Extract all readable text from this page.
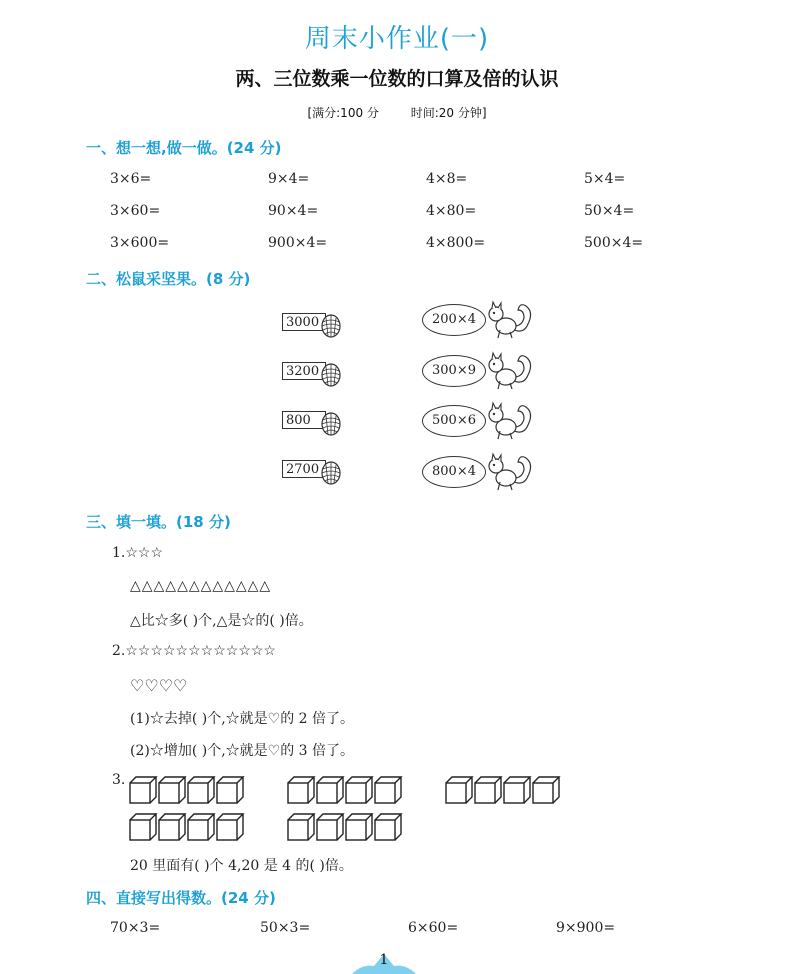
周末小作业(一)
两、三位数乘一位数的口算及倍的认识
[满分:100 分	时间:20 分钟]
一、想一想,做一做。(24 分)
3×6=	9×4=	4×8=	5×4=
3×60=	90×4=	4×80=	50×4=
3×600=	900×4=	4×800=	500×4=
二、松鼠采坚果。(8 分)
3000
3200
800
2700
200×4
300×9
500×6
800×4
三、填一填。(18 分)
1.☆☆☆
△△△△△△△△△△△△
△比☆多( )个,△是☆的( )倍。
2.☆☆☆☆☆☆☆☆☆☆☆☆
♡♡♡♡
(1)☆去掉( )个,☆就是♡的 2 倍了。
(2)☆增加( )个,☆就是♡的 3 倍了。
3.
20 里面有( )个 4,20 是 4 的( )倍。
四、直接写出得数。(24 分)
70×3=	50×3=	6×60=	9×900=
1
